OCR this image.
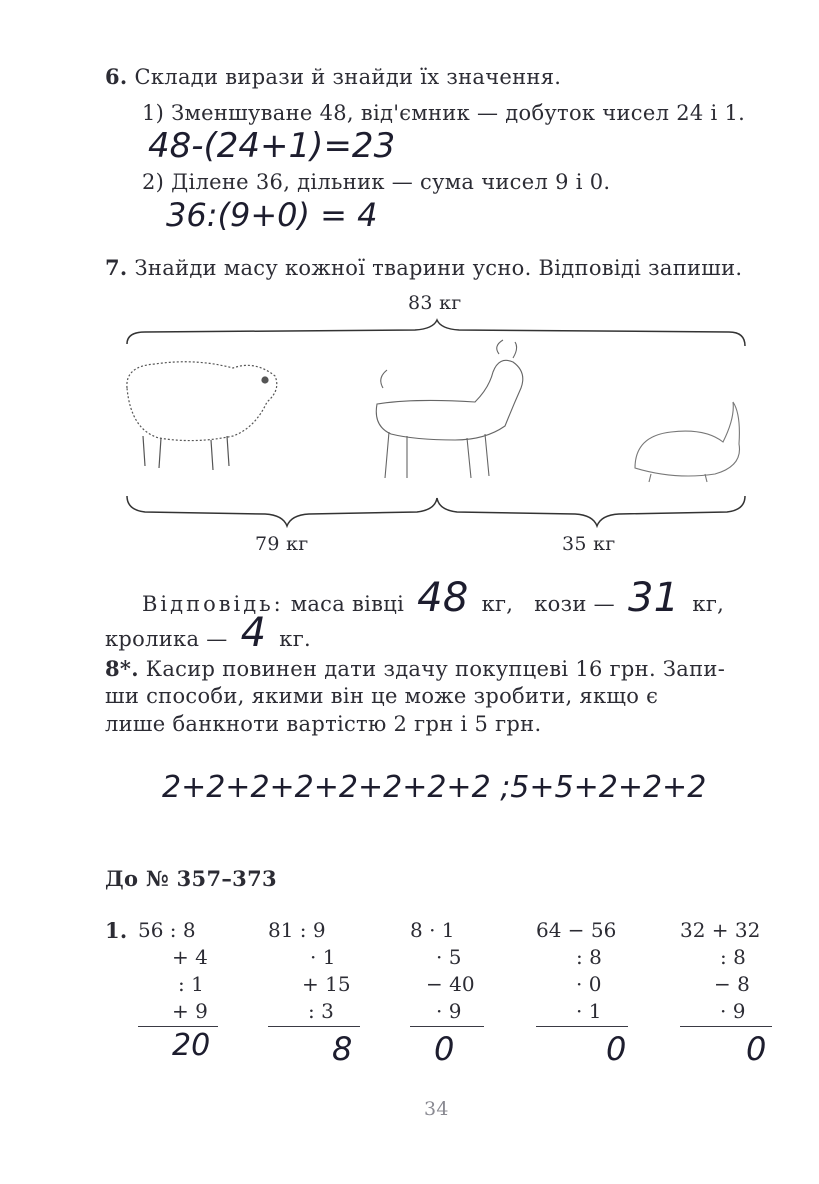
6. Склади вирази й знайди їх значення.
1) Зменшуване 48, від'ємник — добуток чисел 24 і 1.
48-(24+1)=23
2) Ділене 36, дільник — сума чисел 9 і 0.
36:(9+0) = 4
7. Знайди масу кожної тварини усно. Відповіді запиши.
83 кг
79 кг	35 кг
Відповідь: маса вівці 48 кг, кози — 31 кг,
кролика — 4 кг.
8*. Касир повинен дати здачу покупцеві 16 грн. Запи-
ши способи, якими він це може зробити, якщо є
лише банкноти вартістю 2 грн і 5 грн.
2+2+2+2+2+2+2+2 ;5+5+2+2+2
До № 357–373
1. 56 : 8
+ 4
: 1
+ 9
20
81 : 9
· 1
+ 15
: 3
8
8 · 1
· 5
− 40
· 9
0
64 − 56
: 8
· 0
· 1
0
32 + 32
: 8
− 8
· 9
0
34
